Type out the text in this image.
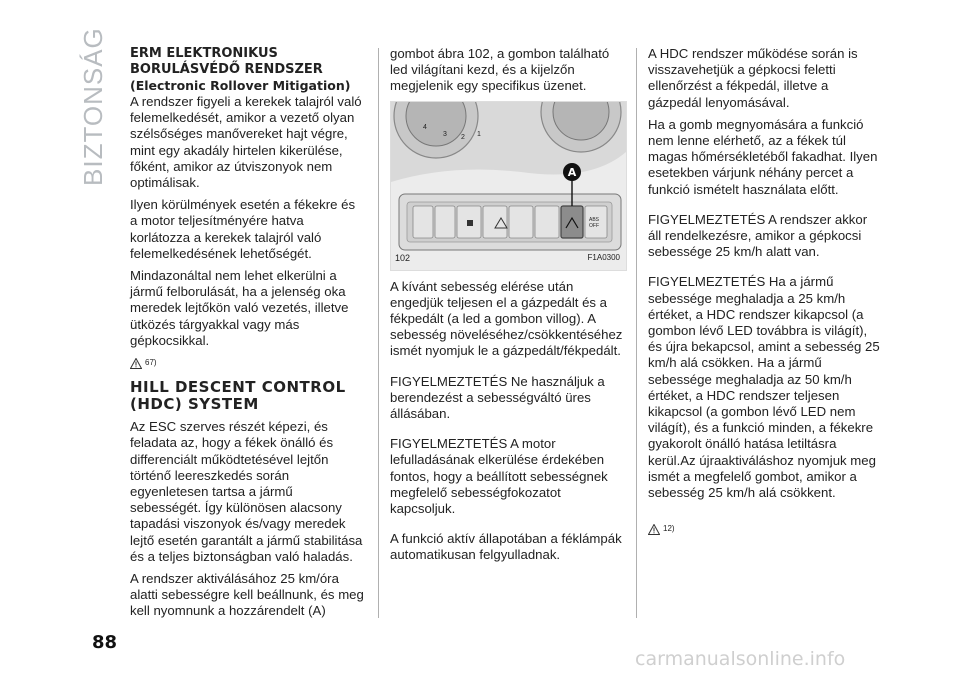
BIZTONSÁG	ERM ELEKTRONIKUS
BORULÁSVÉDŐ RENDSZER
(Electronic Rollover Mitigation)

A rendszer figyeli a kerekek talajról való felemelkedését, amikor a vezető olyan szélsőséges manővereket hajt végre, mint egy akadály hirtelen kikerülése, főként, amikor az útviszonyok nem optimálisak.

Ilyen körülmények esetén a fékekre és a motor teljesítményére hatva korlátozza a kerekek talajról való felemelkedésének lehetőségét.

Mindazonáltal nem lehet elkerülni a jármű felborulását, ha a jelenség oka meredek lejtőkön való vezetés, illetve ütközés tárgyakkal vagy más gépkocsikkal.

67)
HILL DESCENT CONTROL
(HDC) SYSTEM

Az ESC szerves részét képezi, és feladata az, hogy a fékek önálló és differenciált működtetésével lejtőn történő leereszkedés során egyenletesen tartsa a jármű sebességét. Így különösen alacsony tapadási viszonyok és/vagy meredek lejtő esetén garantált a jármű stabilitása és a teljes biztonságban való haladás.

A rendszer aktiválásához 25 km/óra alatti sebességre kell beállnunk, és meg kell nyomnunk a hozzárendelt (A)

gombot ábra 102, a gombon található led világítani kezd, és a kijelzőn megjelenik egy specifikus üzenet.

4
3 2 1
ABS
OFF
A
102	F1A0300

A kívánt sebesség elérése után engedjük teljesen el a gázpedált és a fékpedált (a led a gombon villog). A sebesség növeléséhez/csökkentéséhez ismét nyomjuk le a gázpedált/fékpedált.

FIGYELMEZTETÉS Ne használjuk a berendezést a sebességváltó üres állásában.

FIGYELMEZTETÉS A motor lefulladásának elkerülése érdekében fontos, hogy a beállított sebességnek megfelelő sebességfokozatot kapcsoljuk.

A funkció aktív állapotában a féklámpák automatikusan felgyulladnak.

A HDC rendszer működése során is visszavehetjük a gépkocsi feletti ellenőrzést a fékpedál, illetve a gázpedál lenyomásával.

Ha a gomb megnyomására a funkció nem lenne elérhető, az a fékek túl magas hőmérsékletéből fakadhat. Ilyen esetekben várjunk néhány percet a funkció ismételt használata előtt.

FIGYELMEZTETÉS A rendszer akkor áll rendelkezésre, amikor a gépkocsi sebessége 25 km/h alatt van.

FIGYELMEZTETÉS Ha a jármű sebessége meghaladja a 25 km/h értéket, a HDC rendszer kikapcsol (a gombon lévő LED továbbra is világít), és újra bekapcsol, amint a sebesség 25 km/h alá csökken. Ha a jármű sebessége meghaladja az 50 km/h értéket, a HDC rendszer teljesen kikapcsol (a gombon lévő LED nem világít), és a funkció minden, a fékekre gyakorolt önálló hatása letiltásra kerül.Az újraaktiváláshoz nyomjuk meg ismét a megfelelő gombot, amikor a sebesség 25 km/h alá csökkent.

12)
88
carmanualsonline.info
